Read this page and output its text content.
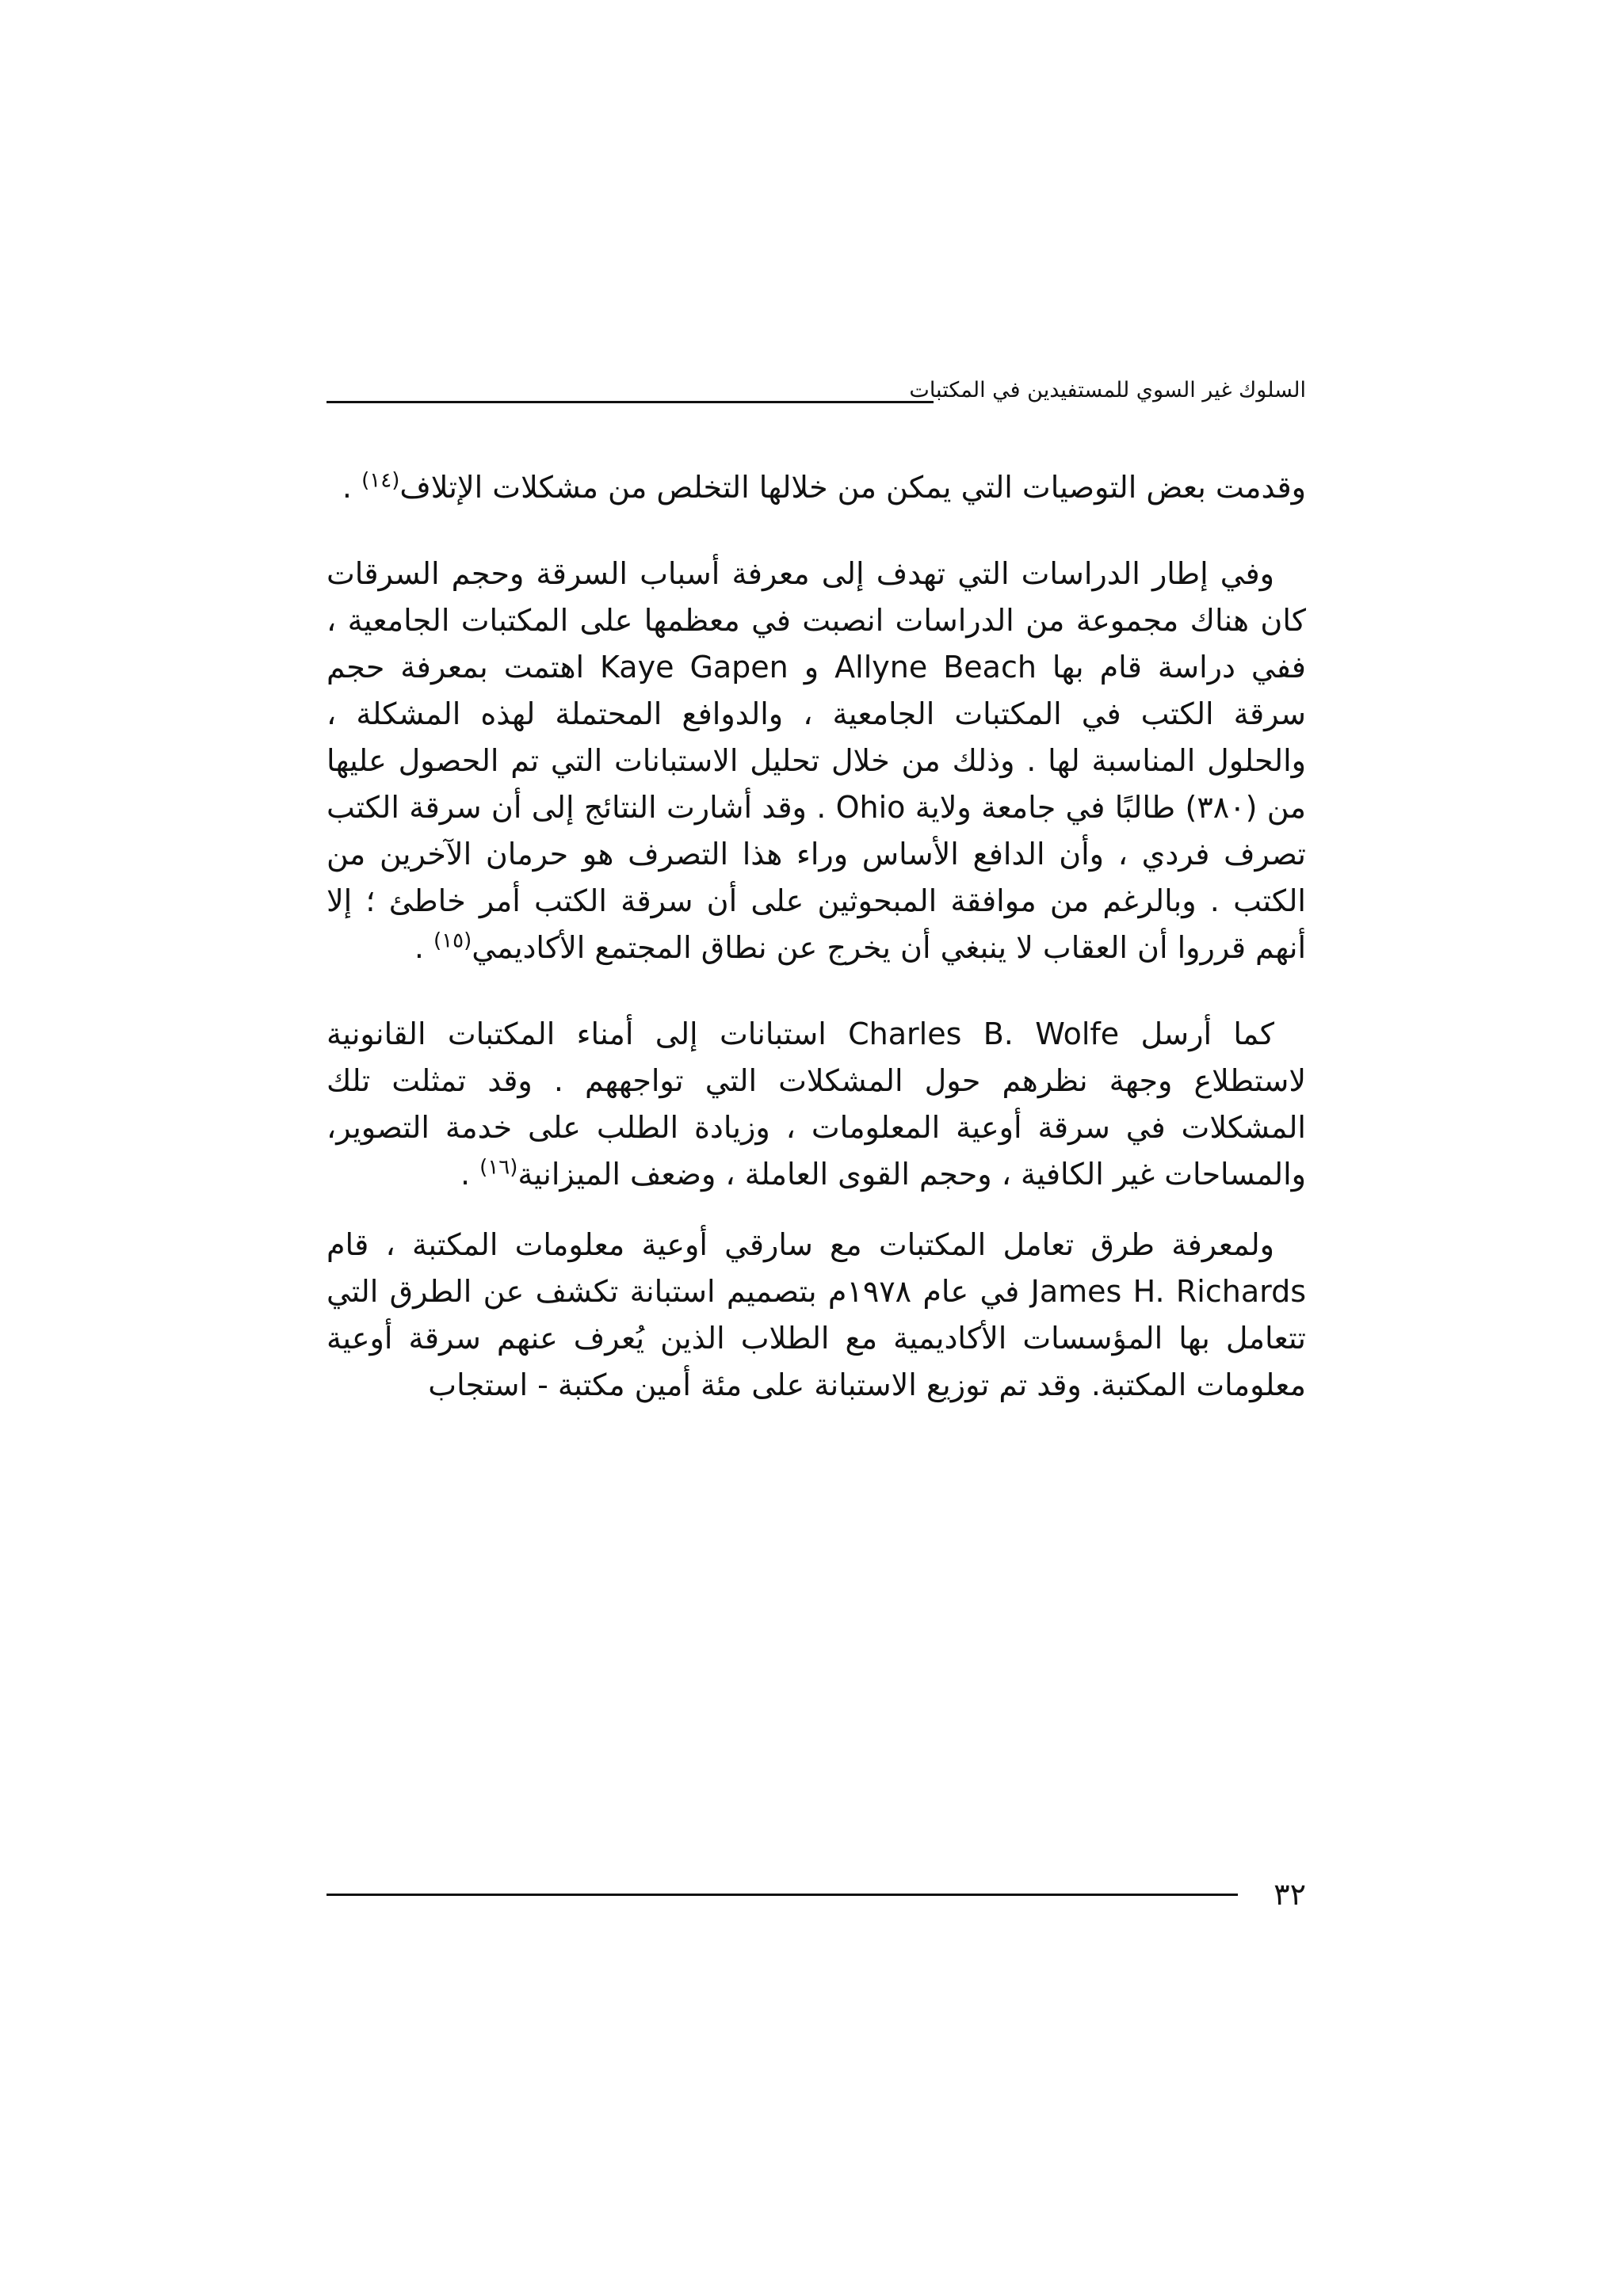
السلوك غير السوي للمستفيدين في المكتبات

وقدمت بعض التوصيات التي يمكن من خلالها التخلص من مشكلات الإتلاف$^{(١٤)}$ .

وفي إطار الدراسات التي تهدف إلى معرفة أسباب السرقة وحجم السرقات كان هناك مجموعة من الدراسات انصبت في معظمها على المكتبات الجامعية ، ففي دراسة قام بها Allyne Beach و Kaye Gapen اهتمت بمعرفة حجم سرقة الكتب في المكتبات الجامعية ، والدوافع المحتملة لهذه المشكلة ، والحلول المناسبة لها . وذلك من خلال تحليل الاستبانات التي تم الحصول عليها من (٣٨٠) طالبًا في جامعة ولاية Ohio . وقد أشارت النتائج إلى أن سرقة الكتب تصرف فردي ، وأن الدافع الأساس وراء هذا التصرف هو حرمان الآخرين من الكتب . وبالرغم من موافقة المبحوثين على أن سرقة الكتب أمر خاطئ ؛ إلا أنهم قرروا أن العقاب لا ينبغي أن يخرج عن نطاق المجتمع الأكاديمي$^{(١٥)}$ .

كما أرسل Charles B. Wolfe استبانات إلى أمناء المكتبات القانونية لاستطلاع وجهة نظرهم حول المشكلات التي تواجههم . وقد تمثلت تلك المشكلات في سرقة أوعية المعلومات ، وزيادة الطلب على خدمة التصوير، والمساحات غير الكافية ، وحجم القوى العاملة ، وضعف الميزانية$^{(١٦)}$ .

ولمعرفة طرق تعامل المكتبات مع سارقي أوعية معلومات المكتبة ، قام James H. Richards في عام ١٩٧٨م بتصميم استبانة تكشف عن الطرق التي تتعامل بها المؤسسات الأكاديمية مع الطلاب الذين يُعرف عنهم سرقة أوعية معلومات المكتبة. وقد تم توزيع الاستبانة على مئة أمين مكتبة - استجاب

٣٢
